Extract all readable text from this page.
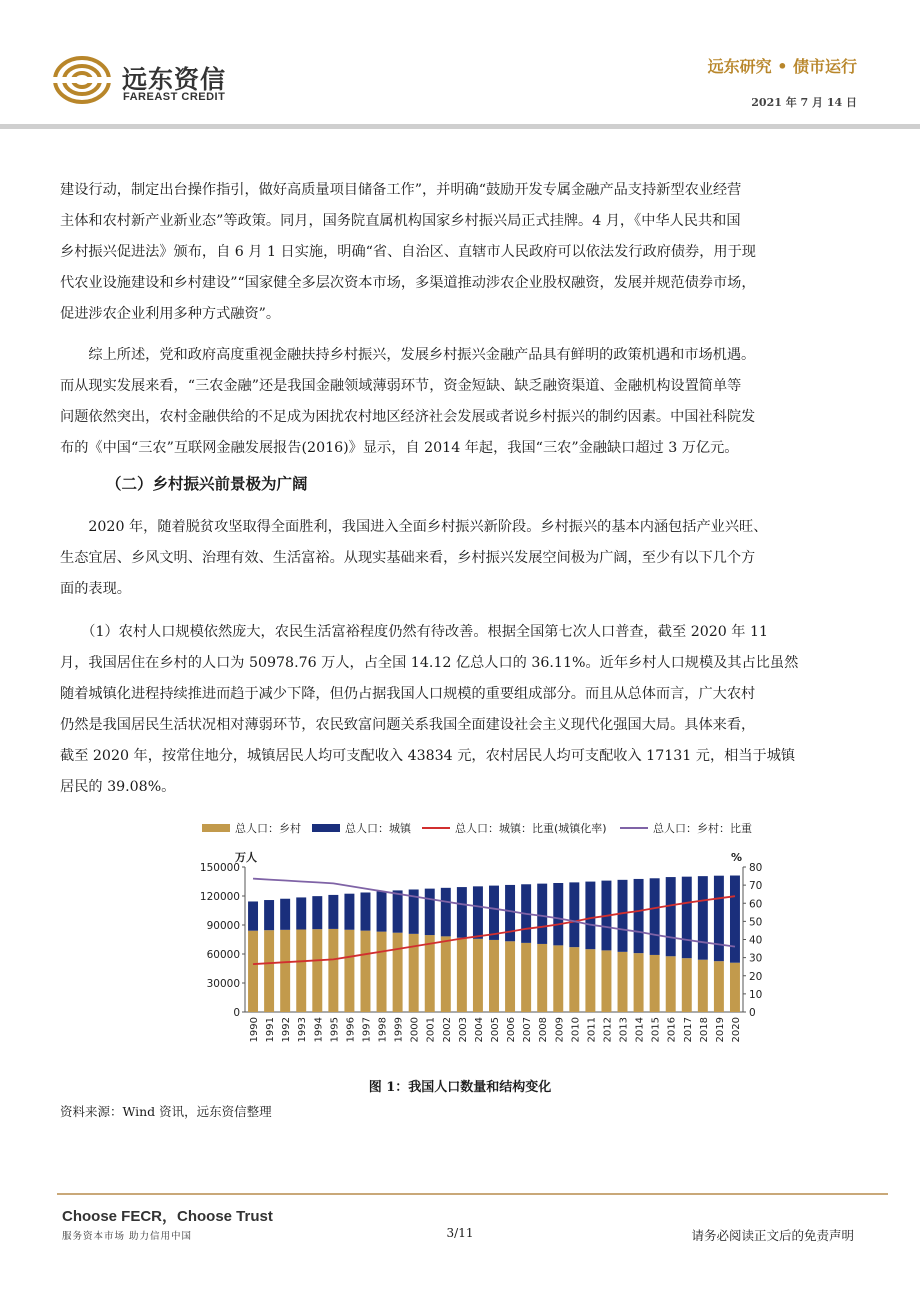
远东资信
FAREAST CREDIT
远东研究 • 债市运行
2021 年 7 月 14 日
建设行动，制定出台操作指引，做好高质量项目储备工作”，并明确“鼓励开发专属金融产品支持新型农业经营
主体和农村新产业新业态”等政策。同月，国务院直属机构国家乡村振兴局正式挂牌。4 月，《中华人民共和国
乡村振兴促进法》颁布，自 6 月 1 日实施，明确“省、自治区、直辖市人民政府可以依法发行政府债券，用于现
代农业设施建设和乡村建设”“国家健全多层次资本市场，多渠道推动涉农企业股权融资，发展并规范债券市场，
促进涉农企业利用多种方式融资”。
　　综上所述，党和政府高度重视金融扶持乡村振兴，发展乡村振兴金融产品具有鲜明的政策机遇和市场机遇。
而从现实发展来看，“三农金融”还是我国金融领域薄弱环节，资金短缺、缺乏融资渠道、金融机构设置简单等
问题依然突出，农村金融供给的不足成为困扰农村地区经济社会发展或者说乡村振兴的制约因素。中国社科院发
布的《中国“三农”互联网金融发展报告(2016)》显示，自 2014 年起，我国“三农”金融缺口超过 3 万亿元。
（二）乡村振兴前景极为广阔
　　2020 年，随着脱贫攻坚取得全面胜利，我国进入全面乡村振兴新阶段。乡村振兴的基本内涵包括产业兴旺、
生态宜居、乡风文明、治理有效、生活富裕。从现实基础来看，乡村振兴发展空间极为广阔，至少有以下几个方
面的表现。
　　（1）农村人口规模依然庞大，农民生活富裕程度仍然有待改善。根据全国第七次人口普查，截至 2020 年 11
月，我国居住在乡村的人口为 50978.76 万人，占全国 14.12 亿总人口的 36.11%。近年乡村人口规模及其占比虽然
随着城镇化进程持续推进而趋于减少下降，但仍占据我国人口规模的重要组成部分。而且从总体而言，广大农村
仍然是我国居民生活状况相对薄弱环节，农民致富问题关系我国全面建设社会主义现代化强国大局。具体来看，
截至 2020 年，按常住地分，城镇居民人均可支配收入 43834 元，农村居民人均可支配收入 17131 元，相当于城镇
居民的 39.08%。
总人口：乡村	总人口：城镇	总人口：城镇：比重(城镇化率)	总人口：乡村：比重
万人	%
0
30000
60000
90000
120000
150000
0
10
20
30
40
50
60
70
80
1990 1991 1992 1993 1994 1995 1996 1997 1998 1999 2000 2001 2002 2003 2004 2005 2006 2007 2008 2009 2010 2011 2012 2013 2014 2015 2016 2017 2018 2019 2020
图 1：我国人口数量和结构变化
资料来源：Wind 资讯，远东资信整理
Choose FECR，Choose Trust
服务资本市场 助力信用中国	3/11	请务必阅读正文后的免责声明
